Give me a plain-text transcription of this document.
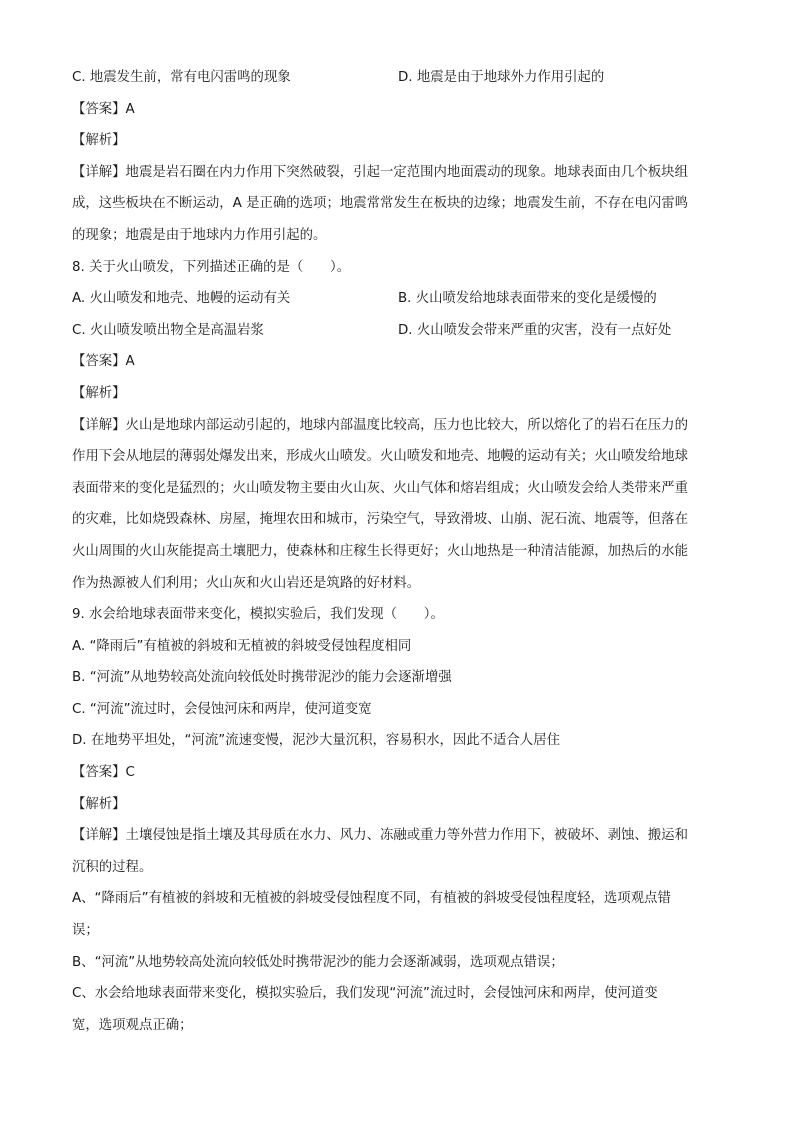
C. 地震发生前，常有电闪雷鸣的现象	D. 地震是由于地球外力作用引起的
【答案】A
【解析】
【详解】地震是岩石圈在内力作用下突然破裂，引起一定范围内地面震动的现象。地球表面由几个板块组
成，这些板块在不断运动，A 是正确的选项；地震常常发生在板块的边缘；地震发生前，不存在电闪雷鸣
的现象；地震是由于地球内力作用引起的。
8. 关于火山喷发，下列描述正确的是（　　）。
A. 火山喷发和地壳、地幔的运动有关	B. 火山喷发给地球表面带来的变化是缓慢的
C. 火山喷发喷出物全是高温岩浆	D. 火山喷发会带来严重的灾害，没有一点好处
【答案】A
【解析】
【详解】火山是地球内部运动引起的，地球内部温度比较高，压力也比较大，所以熔化了的岩石在压力的
作用下会从地层的薄弱处爆发出来，形成火山喷发。火山喷发和地壳、地幔的运动有关；火山喷发给地球
表面带来的变化是猛烈的；火山喷发物主要由火山灰、火山气体和熔岩组成；火山喷发会给人类带来严重
的灾难，比如烧毁森林、房屋，掩埋农田和城市，污染空气，导致滑坡、山崩、泥石流、地震等，但落在
火山周围的火山灰能提高土壤肥力，使森林和庄稼生长得更好；火山地热是一种清洁能源，加热后的水能
作为热源被人们利用；火山灰和火山岩还是筑路的好材料。
9. 水会给地球表面带来变化，模拟实验后，我们发现（　　）。
A. “降雨后”有植被的斜坡和无植被的斜坡受侵蚀程度相同
B. “河流”从地势较高处流向较低处时携带泥沙的能力会逐渐增强
C. “河流”流过时，会侵蚀河床和两岸，使河道变宽
D. 在地势平坦处，“河流”流速变慢，泥沙大量沉积，容易积水，因此不适合人居住
【答案】C
【解析】
【详解】土壤侵蚀是指土壤及其母质在水力、风力、冻融或重力等外营力作用下，被破坏、剥蚀、搬运和
沉积的过程。
A、“降雨后”有植被的斜坡和无植被的斜坡受侵蚀程度不同，有植被的斜坡受侵蚀程度轻，选项观点错
误；
B、“河流”从地势较高处流向较低处时携带泥沙的能力会逐渐减弱，选项观点错误；
C、水会给地球表面带来变化，模拟实验后，我们发现“河流”流过时，会侵蚀河床和两岸，使河道变
宽，选项观点正确；
